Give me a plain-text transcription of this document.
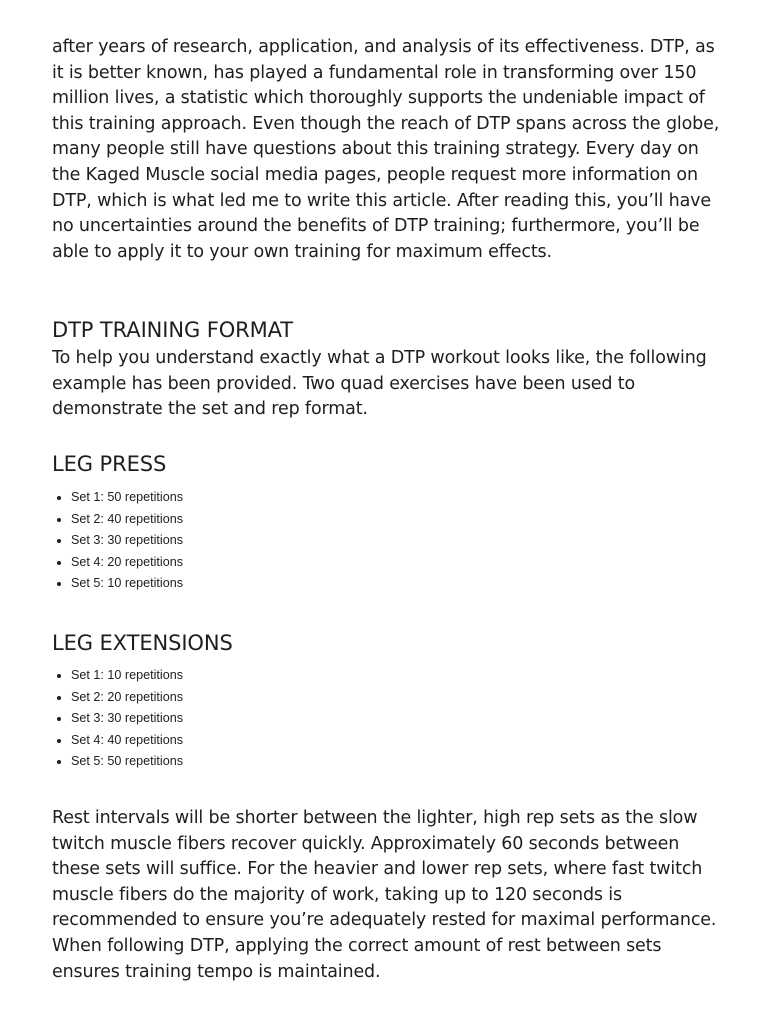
after years of research, application, and analysis of its effectiveness. DTP, as it is better known, has played a fundamental role in transforming over 150 million lives, a statistic which thoroughly supports the undeniable impact of this training approach. Even though the reach of DTP spans across the globe, many people still have questions about this training strategy. Every day on the Kaged Muscle social media pages, people request more information on DTP, which is what led me to write this article. After reading this, you’ll have no uncertainties around the benefits of DTP training; furthermore, you’ll be able to apply it to your own training for maximum effects.

DTP TRAINING FORMAT

To help you understand exactly what a DTP workout looks like, the following example has been provided. Two quad exercises have been used to demonstrate the set and rep format.

LEG PRESS
Set 1: 50 repetitions
Set 2: 40 repetitions
Set 3: 30 repetitions
Set 4: 20 repetitions
Set 5: 10 repetitions
LEG EXTENSIONS
Set 1: 10 repetitions
Set 2: 20 repetitions
Set 3: 30 repetitions
Set 4: 40 repetitions
Set 5: 50 repetitions

Rest intervals will be shorter between the lighter, high rep sets as the slow twitch muscle fibers recover quickly. Approximately 60 seconds between these sets will suffice. For the heavier and lower rep sets, where fast twitch muscle fibers do the majority of work, taking up to 120 seconds is recommended to ensure you’re adequately rested for maximal performance. When following DTP, applying the correct amount of rest between sets ensures training tempo is maintained.
